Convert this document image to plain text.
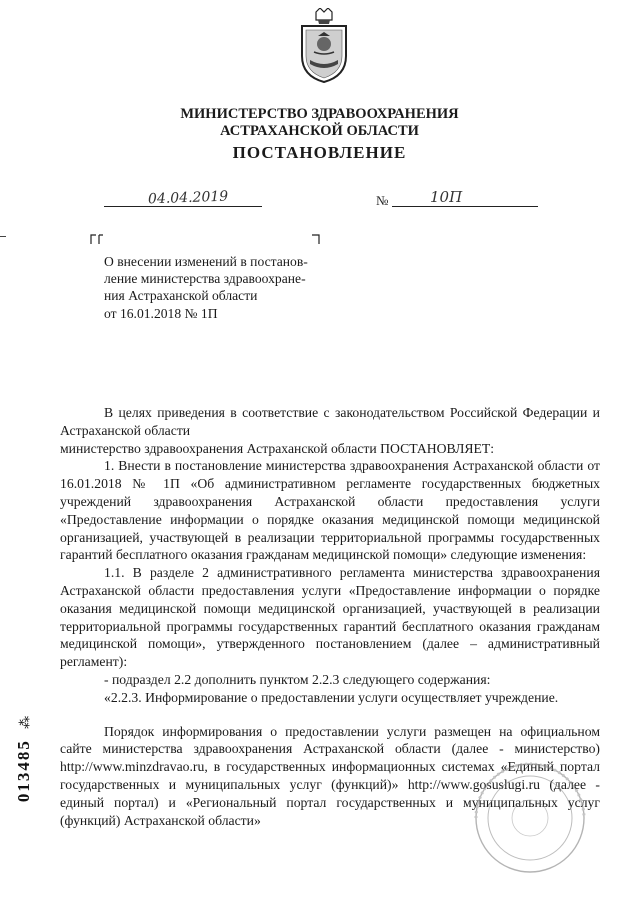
МИНИСТЕРСТВО ЗДРАВООХРАНЕНИЯ
АСТРАХАНСКОЙ ОБЛАСТИ
ПОСТАНОВЛЕНИЕ
04.04.2019	№	10П
О внесении изменений в постанов-
ление министерства здравоохране-
ния Астраханской области
от 16.01.2018 № 1П

В целях приведения в соответствие с законодательством Российской Федерации и Астраханской области

министерство здравоохранения Астраханской области ПОСТАНОВЛЯЕТ:

1. Внести в постановление министерства здравоохранения Астраханской области от 16.01.2018 № 1П «Об административном регламенте государственных бюджетных учреждений здравоохранения Астраханской области предоставления услуги «Предоставление информации о порядке оказания медицинской помощи медицинской организацией, участвующей в реализации территориальной программы государственных гарантий бесплатного оказания гражданам медицинской помощи» следующие изменения:

1.1. В разделе 2 административного регламента министерства здравоохранения Астраханской области предоставления услуги «Предоставление информации о порядке оказания медицинской помощи медицинской организацией, участвующей в реализации территориальной программы государственных гарантий бесплатного оказания гражданам медицинской помощи», утвержденного постановлением (далее – административный регламент):

- подраздел 2.2 дополнить пунктом 2.2.3 следующего содержания:

«2.2.3. Информирование о предоставлении услуги осуществляет учреждение.

Порядок информирования о предоставлении услуги размещен на официальном сайте министерства здравоохранения Астраханской области (далее - министерство) http://www.minzdravao.ru, в государственных информационных системах «Единый портал государственных и муниципальных услуг (функций)» http://www.gosuslugi.ru (далее - единый портал) и «Региональный портал государственных и муниципальных услуг (функций) Астраханской области»

013485 ⁂
